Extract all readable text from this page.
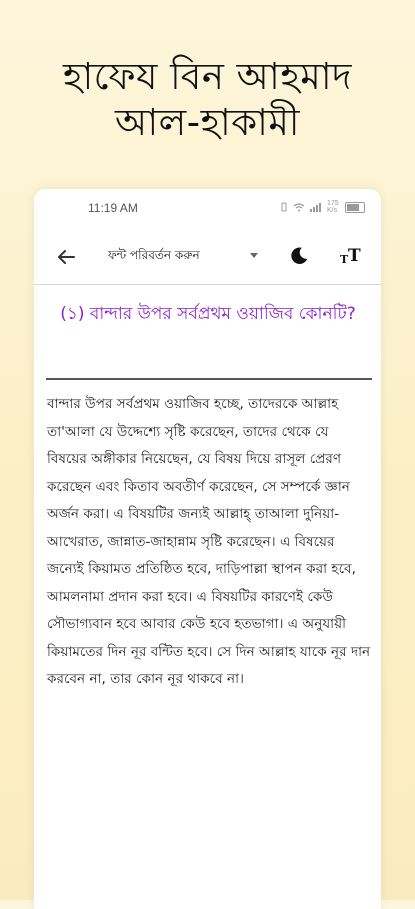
হাফেয বিন আহমাদ
আল-হাকামী
11:19 AM	175 K/s
ফন্ট পরিবর্তন করুন	T T
(১) বান্দার উপর সর্বপ্রথম ওয়াজিব কোনটি?
বান্দার উপর সর্বপ্রথম ওয়াজিব হচ্ছে, তাদেরকে আল্লাহ তা'আলা যে উদ্দেশ্যে সৃষ্টি করেছেন, তাদের থেকে যে বিষয়ের অঙ্গীকার নিয়েছেন, যে বিষয় দিয়ে রাসূল প্রেরণ করেছেন এবং কিতাব অবতীর্ণ করেছেন, সে সম্পর্কে জ্ঞান অর্জন করা। এ বিষয়টির জন্যই আল্লাহ্‌ তাআলা দুনিয়া-আখেরাত, জান্নাত-জাহান্নাম সৃষ্টি করেছেন। এ বিষয়ের জন্যেই কিয়ামত প্রতিষ্ঠিত হবে, দাড়িপাল্লা স্থাপন করা হবে, আমলনামা প্রদান করা হবে। এ বিষয়টির কারণেই কেউ সৌভাগ্যবান হবে আবার কেউ হবে হতভাগা। এ অনুযায়ী কিয়ামতের দিন নূর বন্টিত হবে। সে দিন আল্লাহ যাকে নূর দান করবেন না, তার কোন নূর থাকবে না।
